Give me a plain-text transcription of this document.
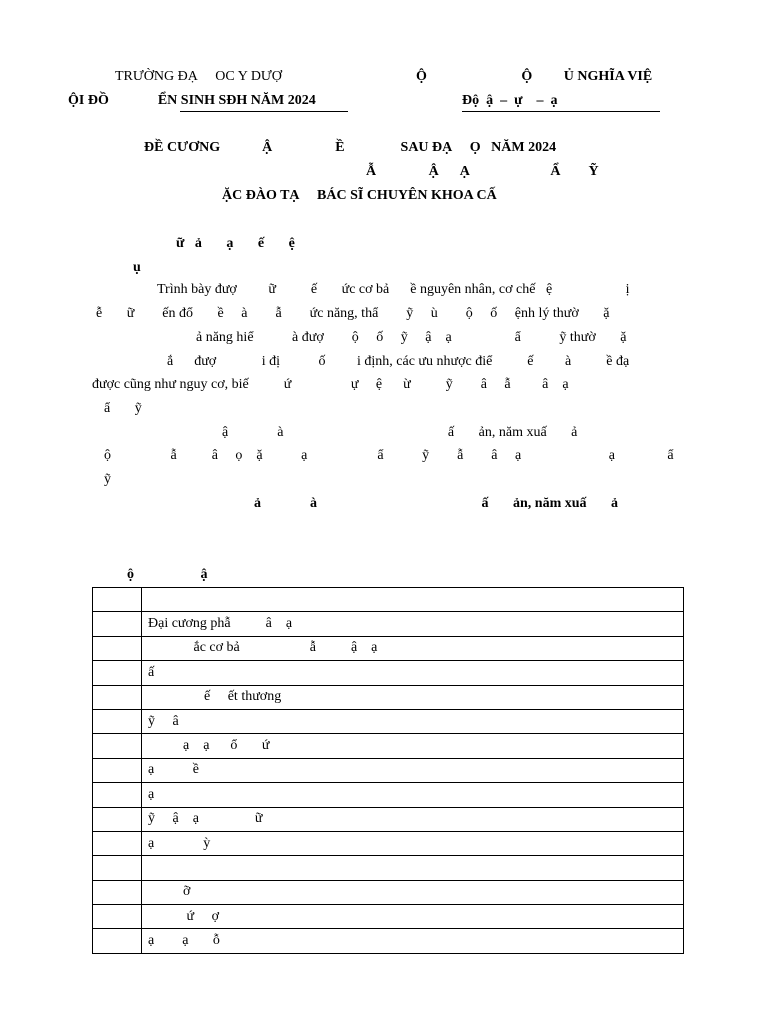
TRƯỜNG ĐẠ     OC Y DƯỢ
ỘI ĐỒ              ỂN SINH SĐH NĂM 2024
Ộ                           Ộ         Ủ NGHĨA VIỆ
Độ  ậ  –  ự    –  ạ
ĐỀ CƯƠNG            Ậ                  Ề                SAU ĐẠ     Ọ   NĂM 2024
Ẫ               Ậ      Ạ                       Ẩ        Ỹ
ẶC ĐÀO TẠ     BÁC SĨ CHUYÊN KHOA CẤ
ữ   ả       ạ       ế       ệ
ụ
Trình bày đượ         ữ          ế       ức cơ bả      ề nguyên nhân, cơ chế   ệ                     ị
ễ       ữ        ến đổ       ề     à        ẫ        ức năng, thẩ        ỹ     ù        ộ     ố     ệnh lý thườ       ặ
ả năng hiể           à đượ        ộ     ố     ỹ     ậ    ạ                  ẩ           ỹ thườ       ặ
ắ      đượ             i đị           ố         i định, các ưu nhược điể          ế         à          ề đạ
được cũng như nguy cơ, biế          ứ                 ự     ệ      ừ          ỹ        â     ẫ         â    ạ
ẩ       ỹ
ậ              à                                               ấ       ản, năm xuấ       ả
ộ                 ẫ          â     ọ    ặ           ạ                    ẩ           ỹ        ẫ        â     ạ                         ạ               ẩ
ỹ
ả              à                                               ấ       ản, năm xuấ       ả
ộ                   ậ

	Đại cương phẫ          â    ạ
	ắc cơ bả                    ẫ          ậ    ạ
	ấ
	ế     ết thương
	ỹ     â
	ạ    ạ      ổ       ứ
	ạ           ề
	ạ
	ỹ     ậ    ạ                ữ
	ạ              ỳ

	ỡ
	ứ     ợ
	ạ        ạ       ỗ
